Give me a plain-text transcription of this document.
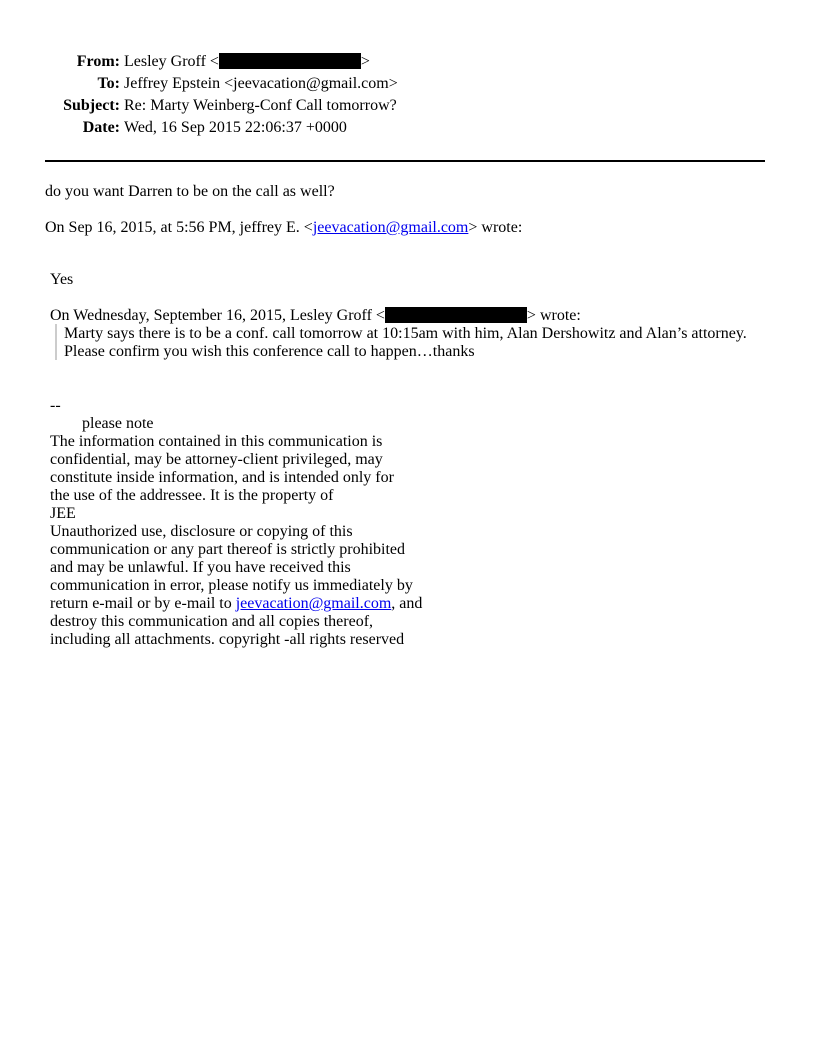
From: Lesley Groff <	>
To: Jeffrey Epstein <jeevacation@gmail.com>
Subject: Re: Marty Weinberg-Conf Call tomorrow?
Date: Wed, 16 Sep 2015 22:06:37 +0000
do you want Darren to be on the call as well?
On Sep 16, 2015, at 5:56 PM, jeffrey E. <jeevacation@gmail.com> wrote:
Yes
On Wednesday, September 16, 2015, Lesley Groff <	> wrote:
Marty says there is to be a conf. call tomorrow at 10:15am with him, Alan Dershowitz and Alan’s attorney.
Please confirm you wish this conference call to happen…thanks
--
please note
The information contained in this communication is
confidential, may be attorney-client privileged, may
constitute inside information, and is intended only for
the use of the addressee. It is the property of
JEE
Unauthorized use, disclosure or copying of this
communication or any part thereof is strictly prohibited
and may be unlawful. If you have received this
communication in error, please notify us immediately by
return e-mail or by e-mail to jeevacation@gmail.com, and
destroy this communication and all copies thereof,
including all attachments. copyright -all rights reserved
